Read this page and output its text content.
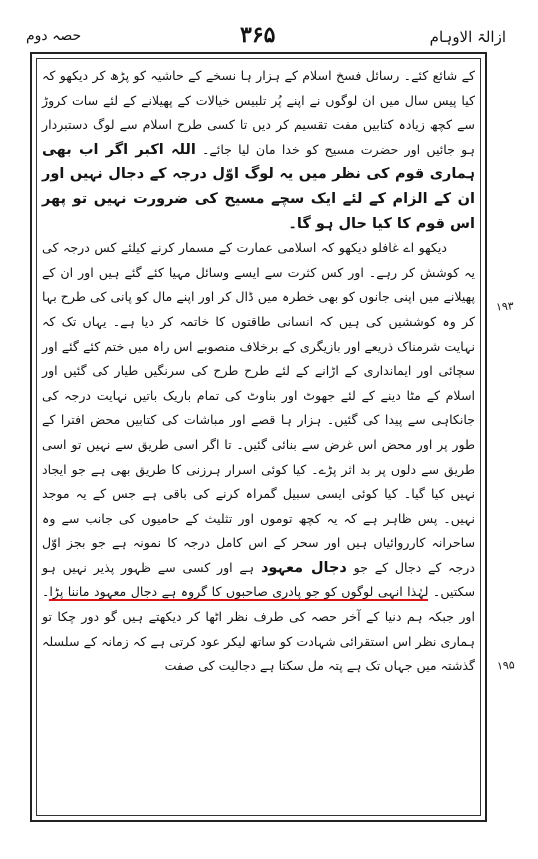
حصہ دوم	۳۶۵	ازالۃ الاوہام
۱۹۳
۱۹۵

کے شائع کئے۔ رسائل فسخ اسلام کے ہزار ہا نسخے کے حاشیہ کو پڑھ کر دیکھو کہ کیا پیس سال میں ان لوگوں نے اپنے پُر تلبیس خیالات کے پھیلانے کے لئے سات کروڑ سے کچھ زیادہ کتابیں مفت تقسیم کر دیں تا کسی طرح اسلام سے لوگ دستبردار ہو جائیں اور حضرت مسیح کو خدا مان لیا جائے۔ اللہ اکبر اگر اب بھی ہماری قوم کی نظر میں یہ لوگ اوّل درجہ کے دجال نہیں اور ان کے الزام کے لئے ایک سچے مسیح کی ضرورت نہیں تو پھر اس قوم کا کیا حال ہو گا۔

دیکھو اے غافلو دیکھو کہ اسلامی عمارت کے مسمار کرنے کیلئے کس درجہ کی یہ کوشش کر رہے۔ اور کس کثرت سے ایسے وسائل مہیا کئے گئے ہیں اور ان کے پھیلانے میں اپنی جانوں کو بھی خطرہ میں ڈال کر اور اپنے مال کو پانی کی طرح بہا کر وہ کوششیں کی ہیں کہ انسانی طاقتوں کا خاتمہ کر دیا ہے۔ یہاں تک کہ نہایت شرمناک ذریعے اور بازیگری کے برخلاف منصوبے اس راہ میں ختم کئے گئے اور سچائی اور ایمانداری کے اڑانے کے لئے طرح طرح کی سرنگیں طیار کی گئیں اور اسلام کے مٹا دینے کے لئے جھوٹ اور بناوٹ کی تمام باریک باتیں نہایت درجہ کی جانکاہی سے پیدا کی گئیں۔ ہزار ہا قصے اور مباشات کی کتابیں محض افترا کے طور پر اور محض اس غرض سے بنائی گئیں۔ تا اگر اسی طریق سے نہیں تو اسی طریق سے دلوں پر بد اثر پڑے۔ کیا کوئی اسرار ہرزنی کا طریق بھی ہے جو ایجاد نہیں کیا گیا۔ کیا کوئی ایسی سبیل گمراہ کرنے کی باقی ہے جس کے یہ موجد نہیں۔ پس ظاہر ہے کہ یہ کچھ توموں اور تثلیث کے حامیوں کی جانب سے وہ ساحرانہ کارروائیاں ہیں اور سحر کے اس کامل درجہ کا نمونہ ہے جو بجز اوّل درجہ کے دجال کے جو دجال معہود ہے اور کسی سے ظہور پذیر نہیں ہو سکتیں۔ لہٰذا انہی لوگوں کو جو پادری صاحبوں کا گروہ ہے دجال معہود ماننا پڑا۔ اور جبکہ ہم دنیا کے آخر حصہ کی طرف نظر اٹھا کر دیکھتے ہیں گو دور چکا تو ہماری نظر اس استقرائی شہادت کو ساتھ لیکر عود کرتی ہے کہ زمانہ کے سلسلہ گذشتہ میں جہاں تک ہے پتہ مل سکتا ہے دجالیت کی صفت
